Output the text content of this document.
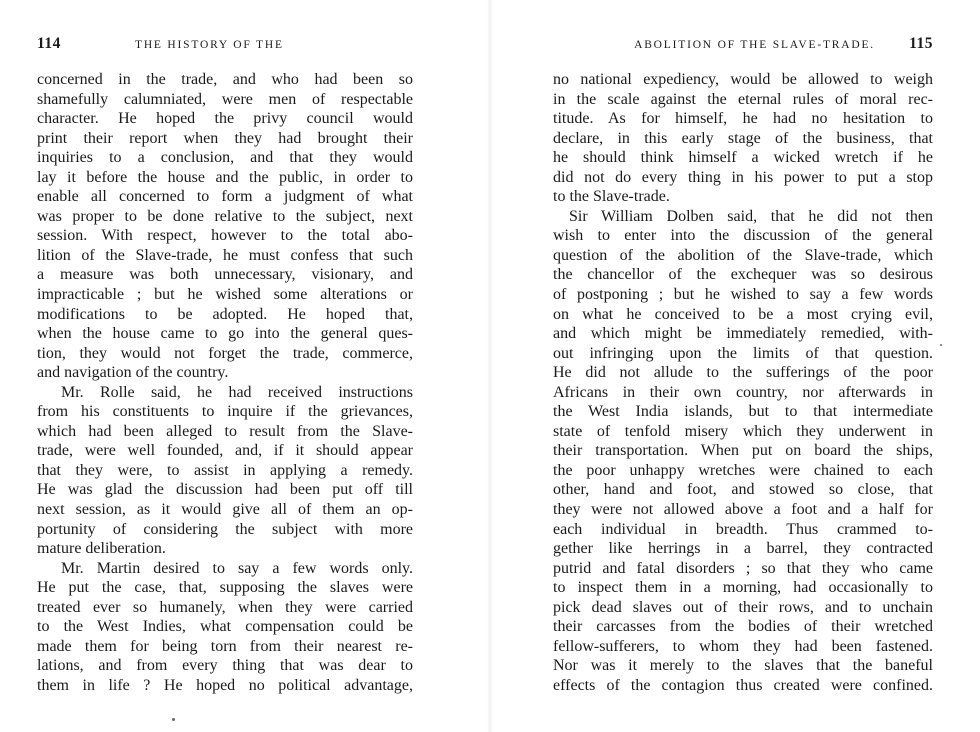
114	THE HISTORY OF THE
concerned in the trade, and who had been so
shamefully calumniated, were men of respectable
character. He hoped the privy council would
print their report when they had brought their
inquiries to a conclusion, and that they would
lay it before the house and the public, in order to
enable all concerned to form a judgment of what
was proper to be done relative to the subject, next
session. With respect, however to the total abo-
lition of the Slave-trade, he must confess that such
a measure was both unnecessary, visionary, and
impracticable ; but he wished some alterations or
modifications to be adopted. He hoped that,
when the house came to go into the general ques-
tion, they would not forget the trade, commerce,
and navigation of the country.
Mr. Rolle said, he had received instructions
from his constituents to inquire if the grievances,
which had been alleged to result from the Slave-
trade, were well founded, and, if it should appear
that they were, to assist in applying a remedy.
He was glad the discussion had been put off till
next session, as it would give all of them an op-
portunity of considering the subject with more
mature deliberation.
Mr. Martin desired to say a few words only.
He put the case, that, supposing the slaves were
treated ever so humanely, when they were carried
to the West Indies, what compensation could be
made them for being torn from their nearest re-
lations, and from every thing that was dear to
them in life ? He hoped no political advantage,
ABOLITION OF THE SLAVE-TRADE. 115
no national expediency, would be allowed to weigh
in the scale against the eternal rules of moral rec-
titude. As for himself, he had no hesitation to
declare, in this early stage of the business, that
he should think himself a wicked wretch if he
did not do every thing in his power to put a stop
to the Slave-trade.
Sir William Dolben said, that he did not then
wish to enter into the discussion of the general
question of the abolition of the Slave-trade, which
the chancellor of the exchequer was so desirous
of postponing ; but he wished to say a few words
on what he conceived to be a most crying evil,
and which might be immediately remedied, with-
out infringing upon the limits of that question.
He did not allude to the sufferings of the poor
Africans in their own country, nor afterwards in
the West India islands, but to that intermediate
state of tenfold misery which they underwent in
their transportation. When put on board the ships,
the poor unhappy wretches were chained to each
other, hand and foot, and stowed so close, that
they were not allowed above a foot and a half for
each individual in breadth. Thus crammed to-
gether like herrings in a barrel, they contracted
putrid and fatal disorders ; so that they who came
to inspect them in a morning, had occasionally to
pick dead slaves out of their rows, and to unchain
their carcasses from the bodies of their wretched
fellow-sufferers, to whom they had been fastened.
Nor was it merely to the slaves that the baneful
effects of the contagion thus created were confined.
